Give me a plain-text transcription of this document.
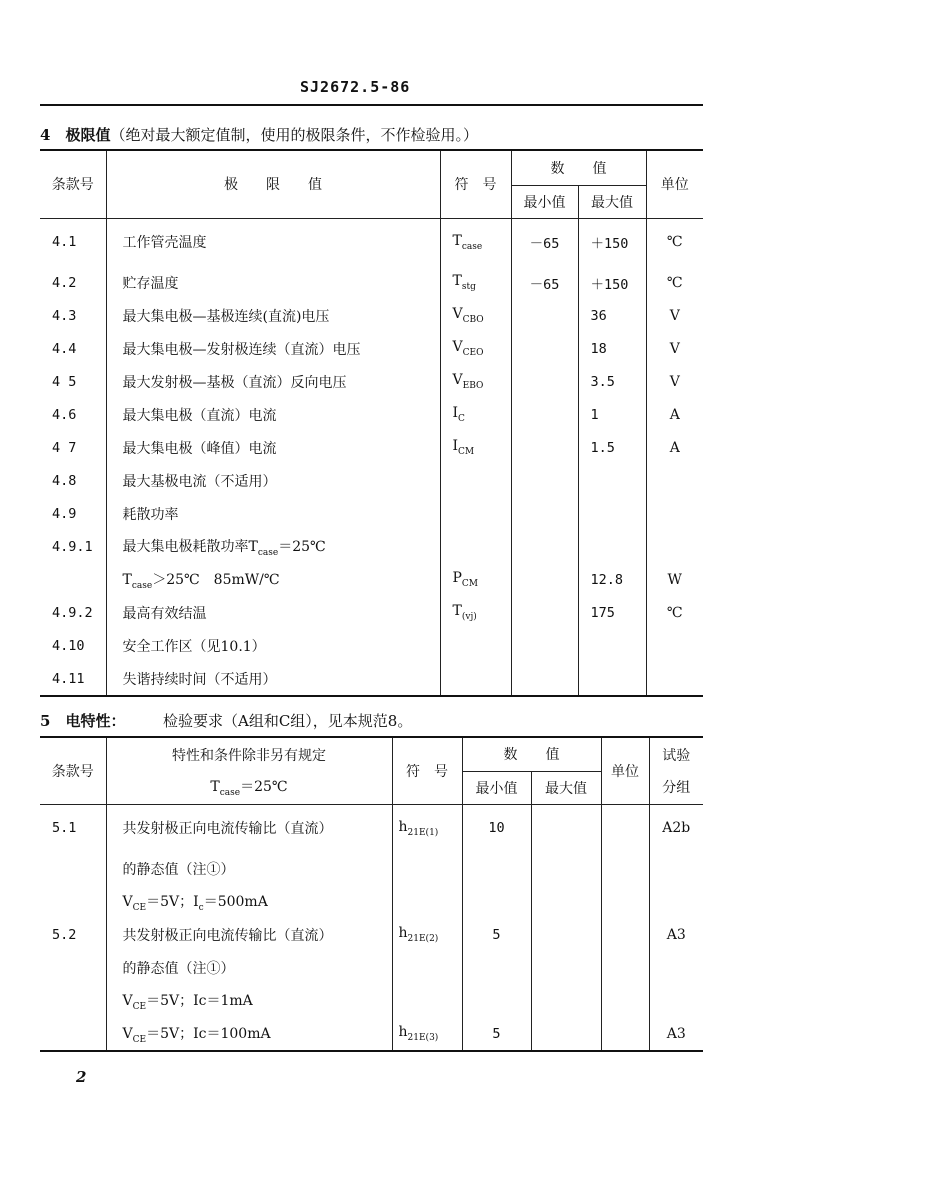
SJ2672.5-86
4　 极限值（绝对最大额定值制，使用的极限条件，不作检验用。）
条款号	极　　限　　值	符　号	数　　值		单位
			最小值	最大值	
4.1	工作管壳温度	$T_{case}$	－65	＋150	℃
4.2	贮存温度	$T_{stg}$	－65	＋150	℃
4.3	最大集电极—基极连续(直流)电压	$V_{CBO}$		36	V
4.4	最大集电极—发射极连续（直流）电压	$V_{CEO}$		18	V
4 5	最大发射极—基极（直流）反向电压	$V_{EBO}$		3.5	V
4.6	最大集电极（直流）电流	$I_C$		1	A
4 7	最大集电极（峰值）电流	$I_{CM}$		1.5	A
4.8	最大基极电流（不适用）				
4.9	耗散功率				
4.9.1	最大集电极耗散功率$T_{case}=25℃$				
	$T_{case}>25℃$　85mW/℃	$P_{CM}$		12.8	W
4.9.2	最高有效结温	$T_{(vj)}$		175	℃
4.10	安全工作区（见10.1）				
4.11	失谐持续时间（不适用）				
5　 电特性：　　　	检验要求（A组和C组），见本规范8。
条款号	特性和条件除非另有规定	符　号	数　　值		单位	试验
	$T_{case}=25℃$		最小值	最大值		分组
5.1	共发射极正向电流传输比（直流）	$h_{21E(1)}$	10			A2b
	的静态值（注①）					
	$V_{CE}=5V$；$I_c=500mA$					
5.2	共发射极正向电流传输比（直流）	$h_{21E(2)}$	5			A3
	的静态值（注①）					
	$V_{CE}=5V$；Ic＝1mA					
	$V_{CE}=5V$；Ic＝100mA	$h_{21E(3)}$	5			A3
2
